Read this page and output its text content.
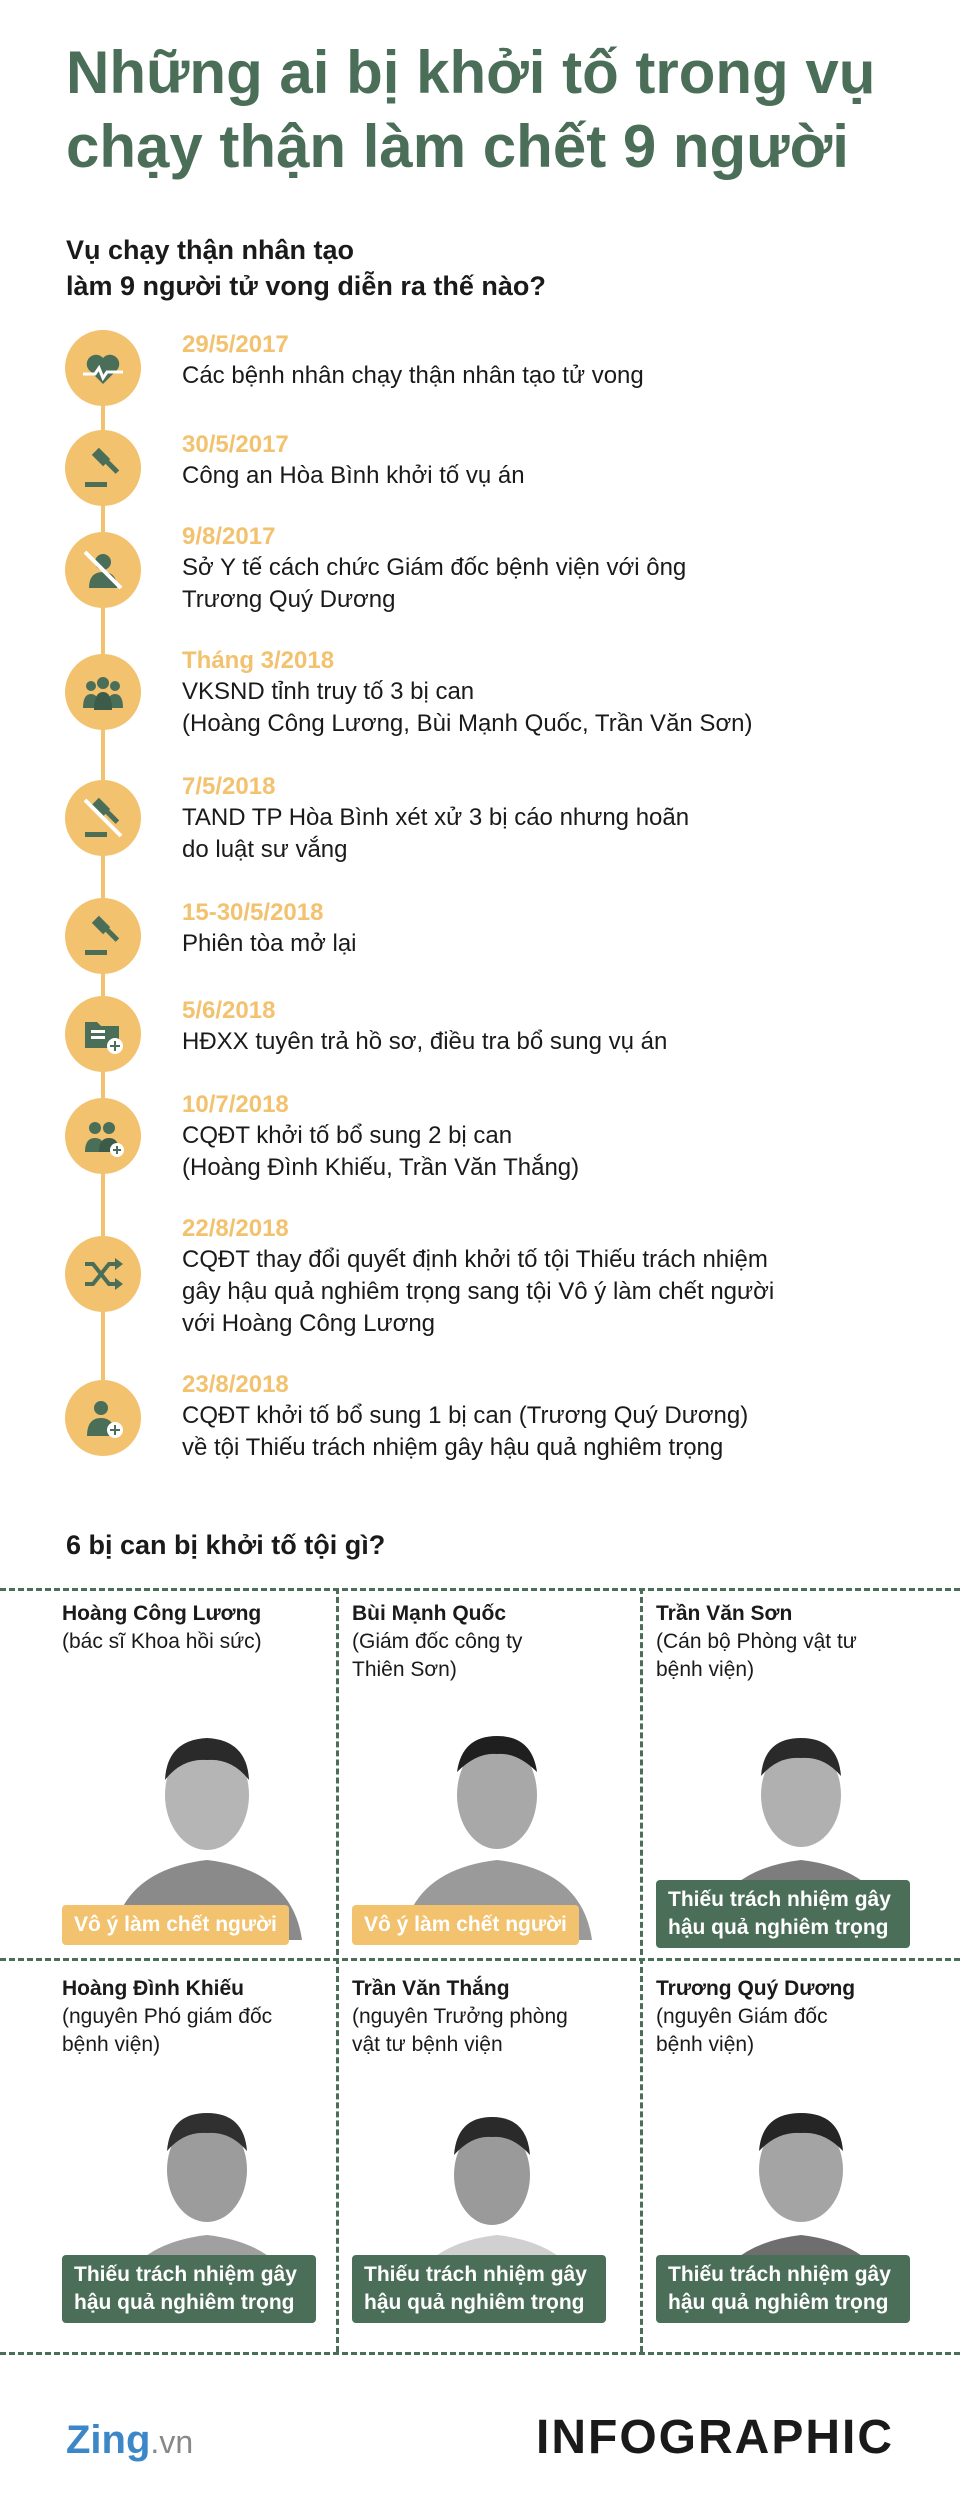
Những ai bị khởi tố trong vụ
chạy thận làm chết 9 người
Vụ chạy thận nhân tạo
làm 9 người tử vong diễn ra thế nào?
29/5/2017
Các bệnh nhân chạy thận nhân tạo tử vong
30/5/2017
Công an Hòa Bình khởi tố vụ án
9/8/2017
Sở Y tế cách chức Giám đốc bệnh viện với ông
Trương Quý Dương
Tháng 3/2018
VKSND tỉnh truy tố 3 bị can
(Hoàng Công Lương, Bùi Mạnh Quốc, Trần Văn Sơn)
7/5/2018
TAND TP Hòa Bình xét xử 3 bị cáo nhưng hoãn
do luật sư vắng
15-30/5/2018
Phiên tòa mở lại
5/6/2018
HĐXX tuyên trả hồ sơ, điều tra bổ sung vụ án
10/7/2018
CQĐT khởi tố bổ sung 2 bị can
(Hoàng Đình Khiếu, Trần Văn Thắng)
22/8/2018
CQĐT thay đổi quyết định khởi tố tội Thiếu trách nhiệm
gây hậu quả nghiêm trọng sang tội Vô ý làm chết người
với Hoàng Công Lương
23/8/2018
CQĐT khởi tố bổ sung 1 bị can (Trương Quý Dương)
về tội Thiếu trách nhiệm gây hậu quả nghiêm trọng
6 bị can bị khởi tố tội gì?
Hoàng Công Lương
(bác sĩ Khoa hồi sức)
Vô ý làm chết người
Bùi Mạnh Quốc
(Giám đốc công ty
Thiên Sơn)
Vô ý làm chết người
Trần Văn Sơn
(Cán bộ Phòng vật tư
bệnh viện)
Thiếu trách nhiệm gây
hậu quả nghiêm trọng
Hoàng Đình Khiếu
(nguyên Phó giám đốc
bệnh viện)
Thiếu trách nhiệm gây
hậu quả nghiêm trọng
Trần Văn Thắng
(nguyên Trưởng phòng
vật tư bệnh viện
Thiếu trách nhiệm gây
hậu quả nghiêm trọng
Trương Quý Dương
(nguyên Giám đốc
bệnh viện)
Thiếu trách nhiệm gây
hậu quả nghiêm trọng
Zing.vn	INFOGRAPHIC
